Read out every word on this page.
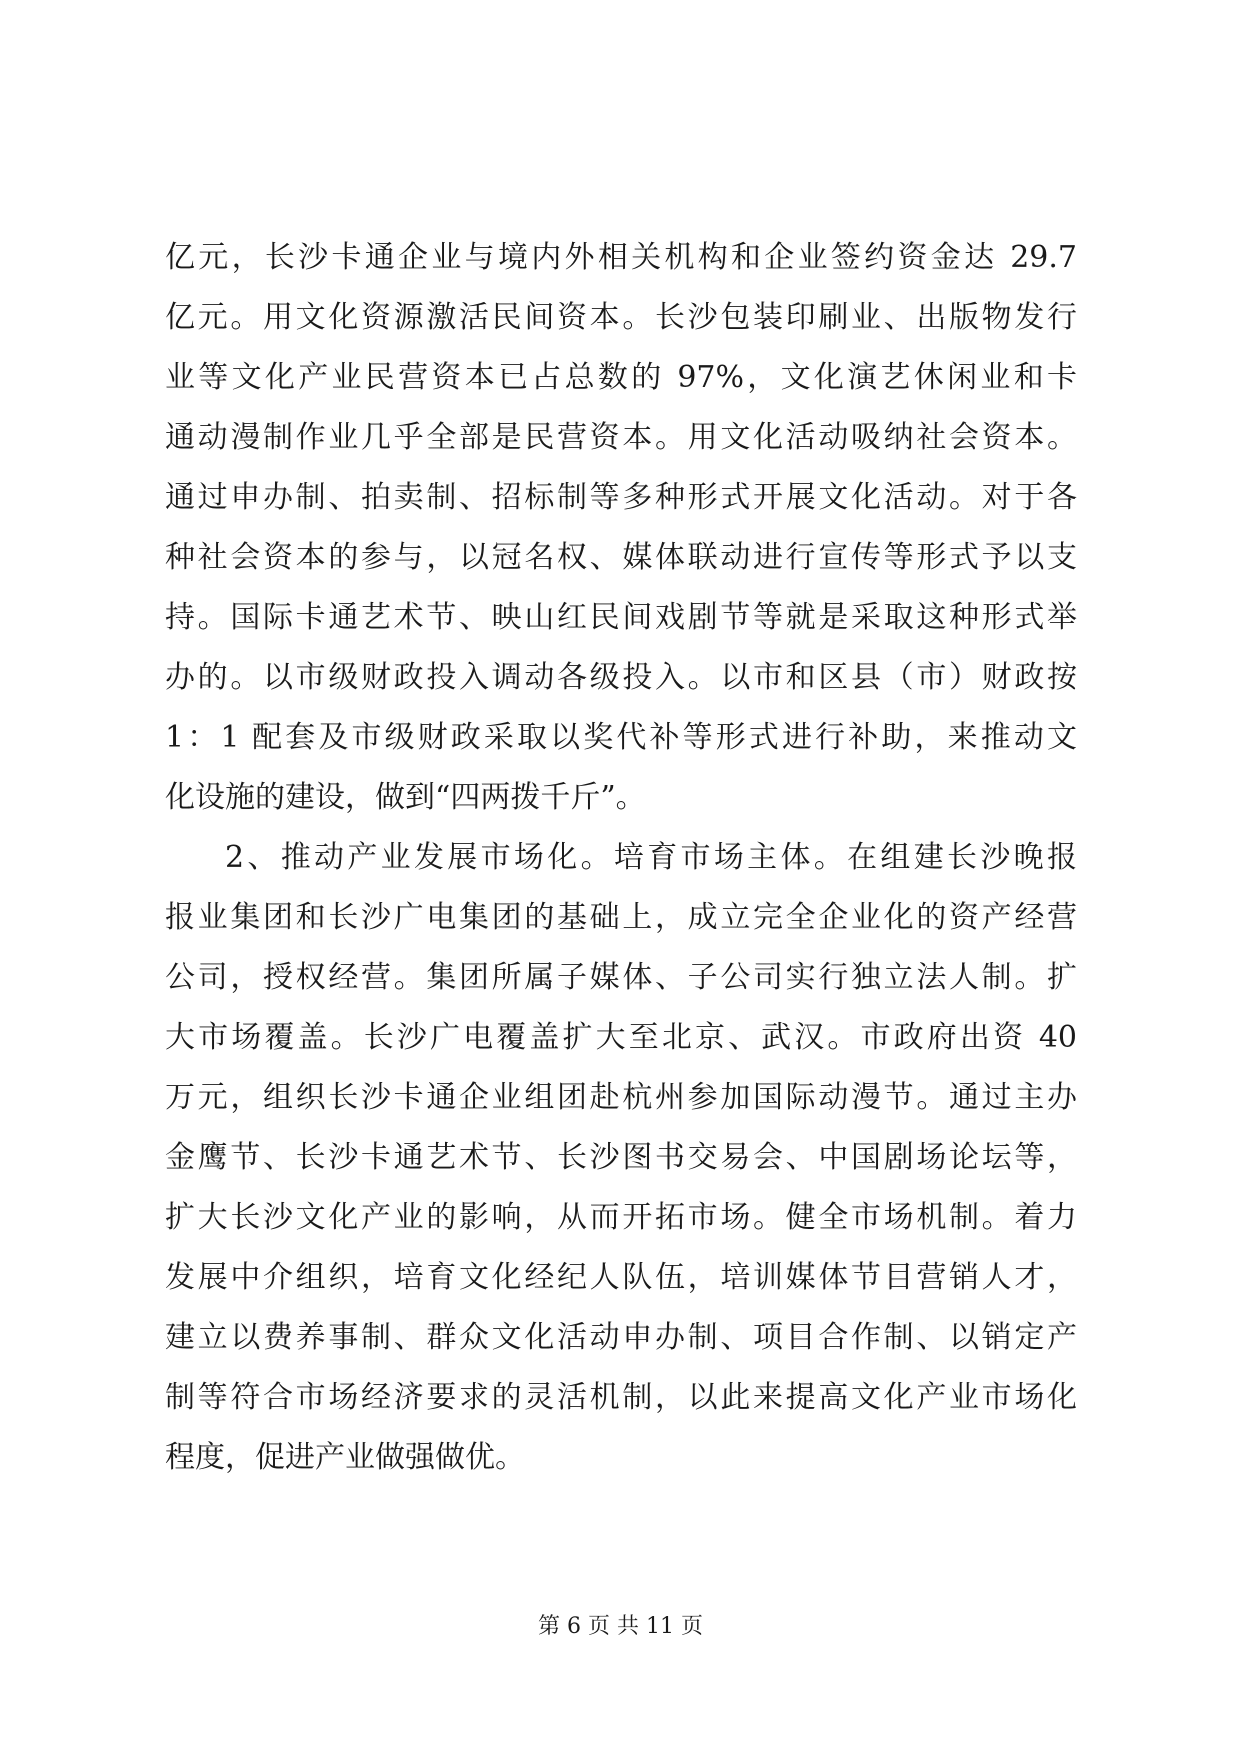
亿元，长沙卡通企业与境内外相关机构和企业签约资金达 29.7
亿元。用文化资源激活民间资本。长沙包装印刷业、出版物发行
业等文化产业民营资本已占总数的 97%，文化演艺休闲业和卡
通动漫制作业几乎全部是民营资本。用文化活动吸纳社会资本。
通过申办制、拍卖制、招标制等多种形式开展文化活动。对于各
种社会资本的参与，以冠名权、媒体联动进行宣传等形式予以支
持。国际卡通艺术节、映山红民间戏剧节等就是采取这种形式举
办的。以市级财政投入调动各级投入。以市和区县（市）财政按
1：1 配套及市级财政采取以奖代补等形式进行补助，来推动文
化设施的建设，做到“四两拨千斤”。
2、推动产业发展市场化。培育市场主体。在组建长沙晚报
报业集团和长沙广电集团的基础上，成立完全企业化的资产经营
公司，授权经营。集团所属子媒体、子公司实行独立法人制。扩
大市场覆盖。长沙广电覆盖扩大至北京、武汉。市政府出资 40
万元，组织长沙卡通企业组团赴杭州参加国际动漫节。通过主办
金鹰节、长沙卡通艺术节、长沙图书交易会、中国剧场论坛等，
扩大长沙文化产业的影响，从而开拓市场。健全市场机制。着力
发展中介组织，培育文化经纪人队伍，培训媒体节目营销人才，
建立以费养事制、群众文化活动申办制、项目合作制、以销定产
制等符合市场经济要求的灵活机制，以此来提高文化产业市场化
程度，促进产业做强做优。
第 6 页 共 11 页
